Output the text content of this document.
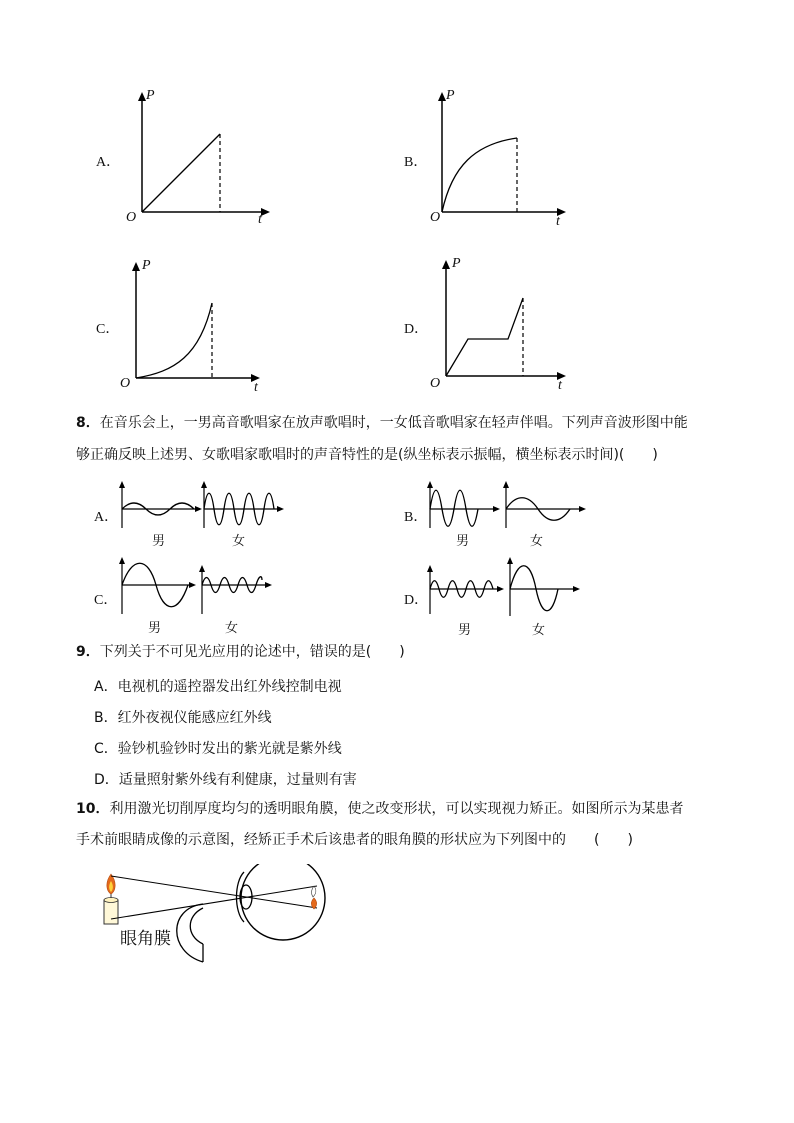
A．
P
t
O
B．
P
t
O
C．
P
t
O
D．
P
t
O
8．在音乐会上，一男高音歌唱家在放声歌唱时，一女低音歌唱家在轻声伴唱。下列声音波形图中能
够正确反映上述男、女歌唱家歌唱时的声音特性的是(纵坐标表示振幅，横坐标表示时间)(　　)
A．
男	女
B．
男	女
C．
男	女
D．
男	女
9．下列关于不可见光应用的论述中，错误的是(　　)
A．电视机的遥控器发出红外线控制电视
B．红外夜视仪能感应红外线
C．验钞机验钞时发出的紫光就是紫外线
D．适量照射紫外线有利健康，过量则有害
10．利用激光切削厚度均匀的透明眼角膜，使之改变形状，可以实现视力矫正。如图所示为某患者
手术前眼睛成像的示意图，经矫正手术后该患者的眼角膜的形状应为下列图中的　　(　　)
眼角膜
